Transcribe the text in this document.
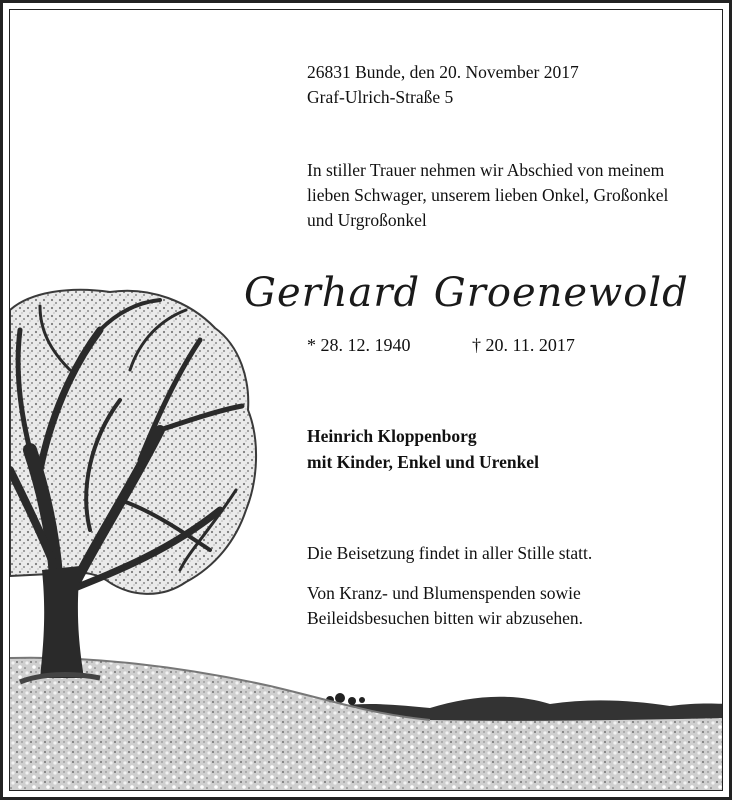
26831 Bunde, den 20. November 2017
Graf-Ulrich-Straße 5
In stiller Trauer nehmen wir Abschied von meinem
lieben Schwager, unserem lieben Onkel, Großonkel
und Urgroßonkel
Gerhard Groenewold
* 28. 12. 1940	† 20. 11. 2017
Heinrich Kloppenborg
mit Kinder, Enkel und Urenkel
Die Beisetzung findet in aller Stille statt.
Von Kranz- und Blumenspenden sowie
Beileidsbesuchen bitten wir abzusehen.
